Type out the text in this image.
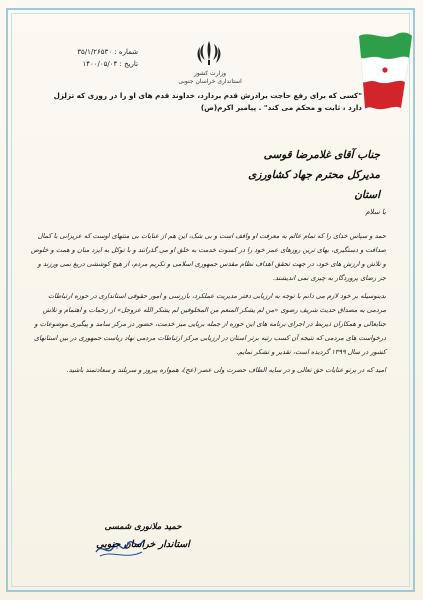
وزارت کشور
استانداری خراسان جنوبی
شماره : ۳۵/۱/۲۶۵۳۰
تاریخ : ۱۴۰۰/۰۵/۰۴
"کسی که برای رفع حاجت برادرش قدم بردارد، خداوند قدم های او را در روزی که تزلزل دارد ، ثابت و محکم می کند" . پیامبر اکرم(ص)
جناب آقای غلامرضا قوسی
مدیرکل محترم جهاد کشاورزی استان

با سلام

حمد و سپاس خدای را که تمام عالم به معرفت او واقف است و بی شک، این هم از عنایات بی منتهای اوست که عزیزانی با کمال صداقت و دستگیری، بهای ترین روزهای عمر خود را در کسوت خدمت به خلق او می گذرانند و با توکل به ایزد منان و همت و خلوص و تلاش و ارزش های خود، در جهت تحقق اهداف نظام مقدس جمهوری اسلامی و تکریم مردم، از هیچ کوششی دریغ نمی ورزند و جز رضای پروردگار به چیزی نمی اندیشند.

بدینوسیله بر خود لازم می دانم با توجه به ارزیابی دفتر مدیریت عملکرد، بازرسی و امور حقوقی استانداری در حوزه ارتباطات مردمی به مصداق حدیث شریف رضوی «من لم یشکر المنعم من المخلوقین لم یشکر الله عزوجل» از زحمات و اهتمام و تلاش جنابعالی و همکاران ذیربط در اجرای برنامه های این حوزه از جمله برپایی میز خدمت، حضور در مرکز سامد و پیگیری موضوعات و درخواست های مردمی که نتیجه آن کسب رتبه برتر استان در ارزیابی مرکز ارتباطات مردمی نهاد ریاست جمهوری در بین استانهای کشور در سال ۱۳۹۹ گردیده است، تقدیر و تشکر نمایم.

امید که در پرتو عنایات حق تعالی و در سایه الطاف حضرت ولی عصر (عج)، همواره پیروز و سربلند و سعادتمند باشید.

حمید ملانوری شمسی
استاندار خراسان جنوبی
